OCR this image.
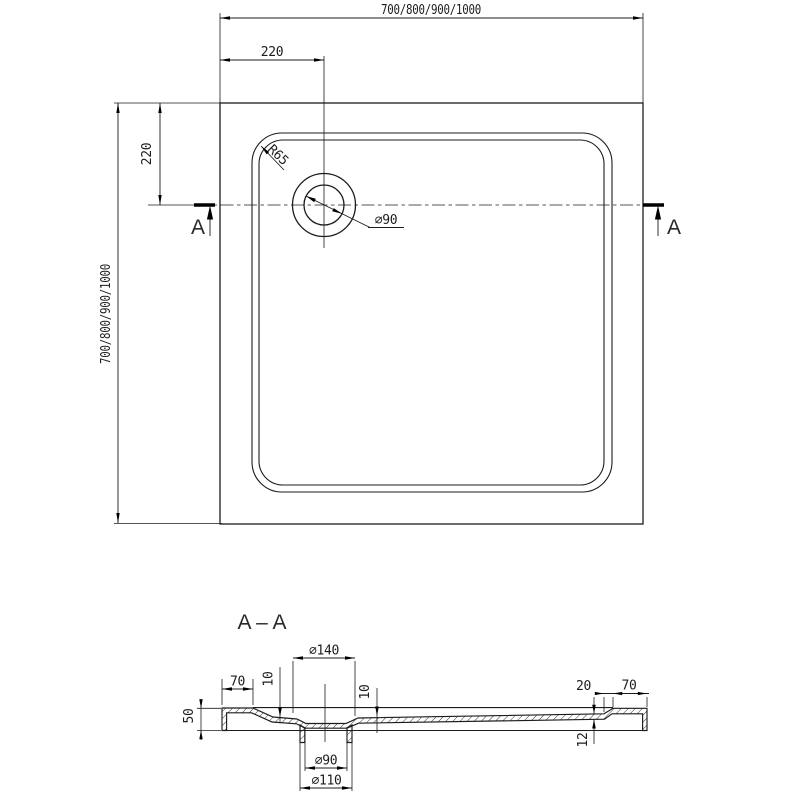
700/800/900/1000
220
700/800/900/1000
220
A	A
R65
⌀90
A – A
⌀140
70 10
10
50
20 70
12
⌀90
⌀110
